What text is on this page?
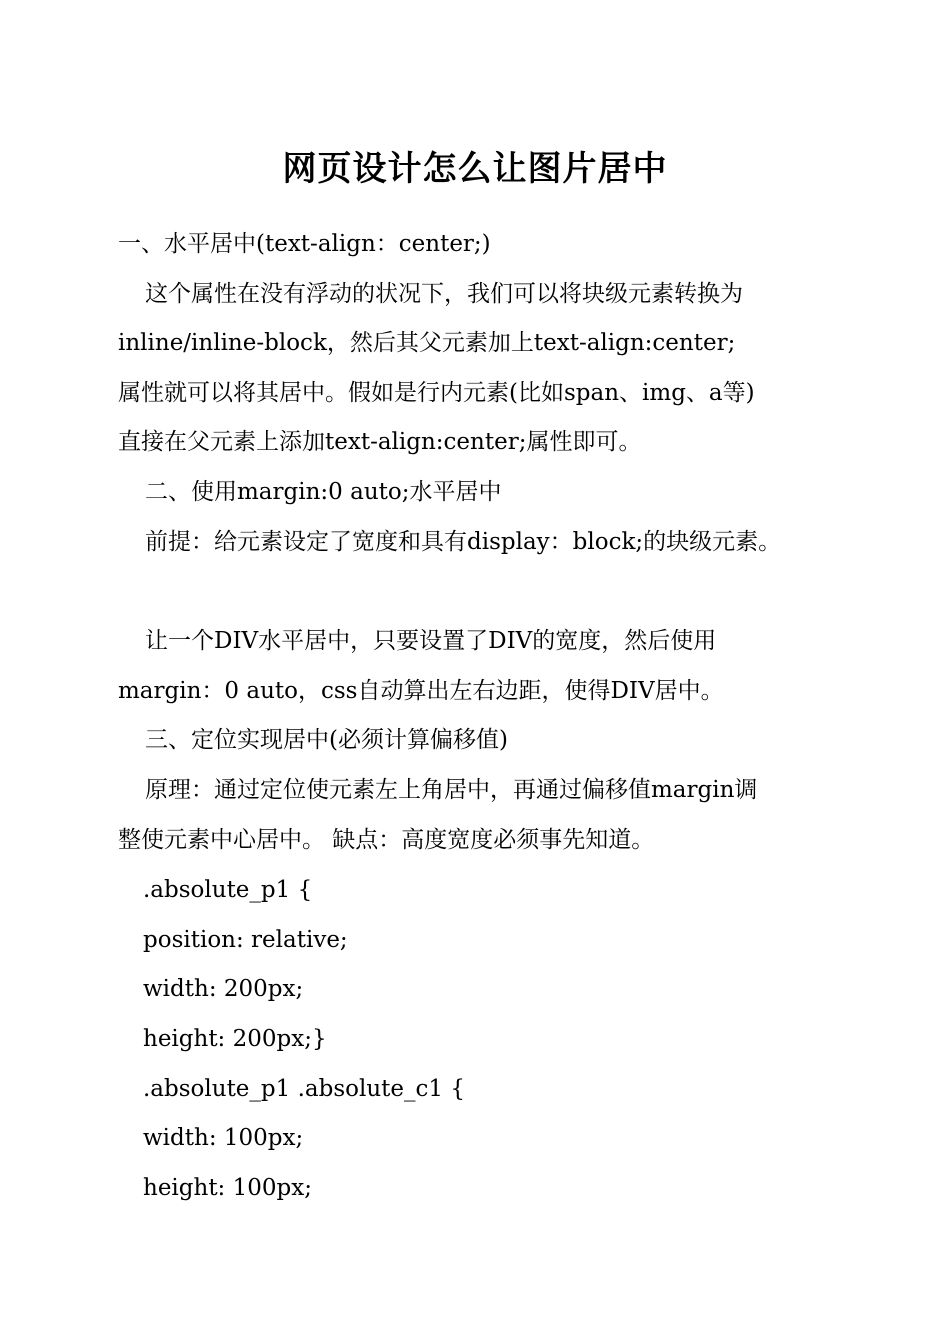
网页设计怎么让图片居中
一、水平居中(text-align：center;)
这个属性在没有浮动的状况下，我们可以将块级元素转换为
inline/inline-block，然后其父元素加上text-align:center;
属性就可以将其居中。假如是行内元素(比如span、img、a等)
直接在父元素上添加text-align:center;属性即可。
二、使用margin:0 auto;水平居中
前提：给元素设定了宽度和具有display：block;的块级元素。
让一个DIV水平居中，只要设置了DIV的宽度，然后使用
margin：0 auto，css自动算出左右边距，使得DIV居中。
三、定位实现居中(必须计算偏移值)
原理：通过定位使元素左上角居中，再通过偏移值margin调
整使元素中心居中。 缺点：高度宽度必须事先知道。
.absolute_p1 {
position: relative;
width: 200px;
height: 200px;}
.absolute_p1 .absolute_c1 {
width: 100px;
height: 100px;
